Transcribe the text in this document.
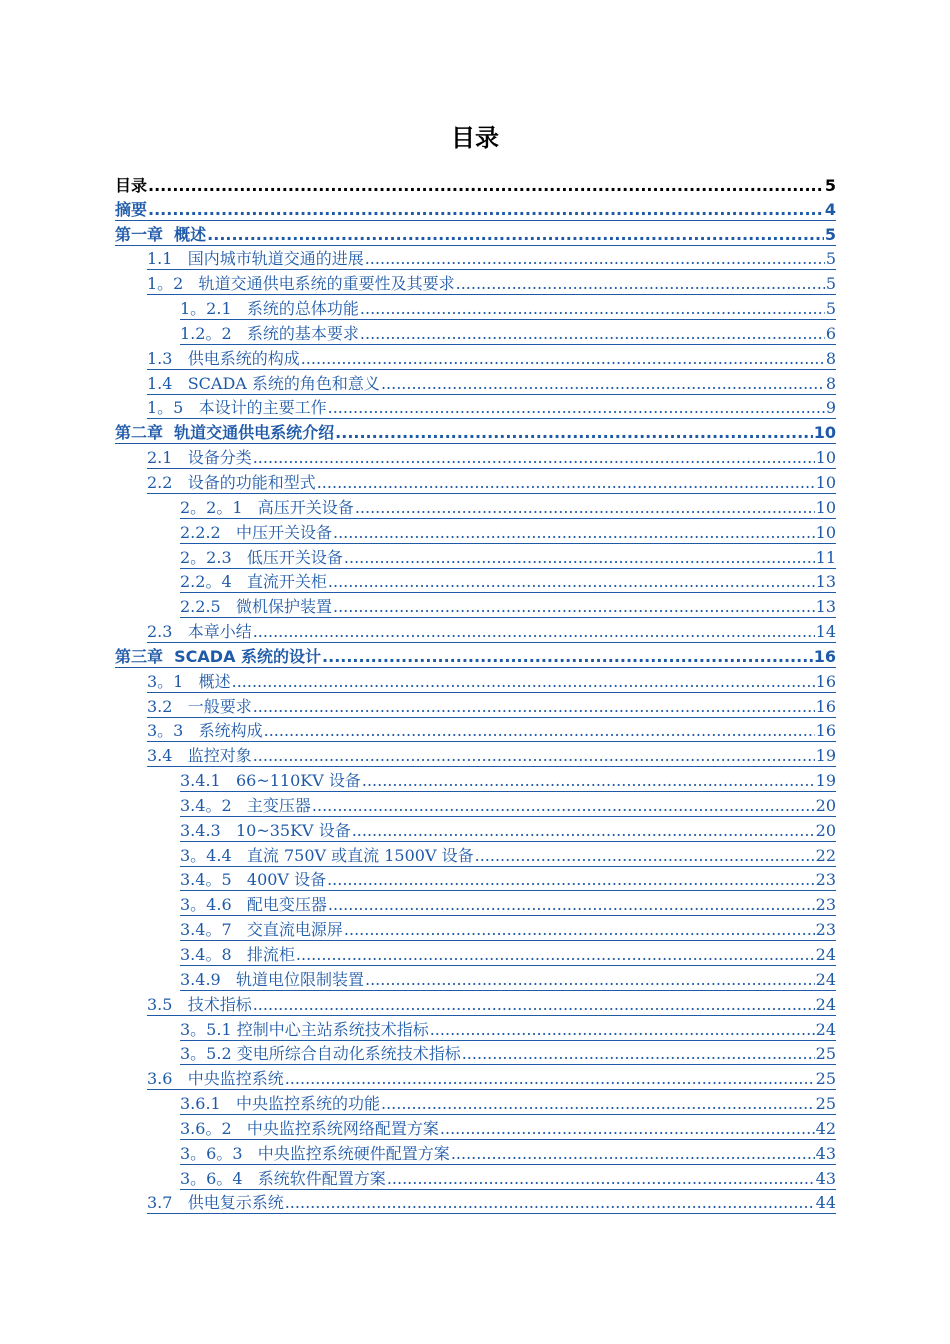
目录
目录 .....	5
摘要 .....	4
第一章  概述 .....	5
1.1   国内城市轨道交通的进展 .....	5
1。2   轨道交通供电系统的重要性及其要求 .....	5
1。2.1   系统的总体功能 .....	5
1.2。2   系统的基本要求 .....	6
1.3   供电系统的构成 .....	8
1.4   SCADA 系统的角色和意义 .....	8
1。5   本设计的主要工作 .....	9
第二章  轨道交通供电系统介绍 .....	10
2.1   设备分类 .....	10
2.2   设备的功能和型式 .....	10
2。2。1   高压开关设备 .....	10
2.2.2   中压开关设备 .....	10
2。2.3   低压开关设备 .....	11
2.2。4   直流开关柜 .....	13
2.2.5   微机保护装置 .....	13
2.3   本章小结 .....	14
第三章  SCADA 系统的设计 .....	16
3。1   概述 .....	16
3.2   一般要求 .....	16
3。3   系统构成 .....	16
3.4   监控对象 .....	19
3.4.1   66~110KV 设备 .....	19
3.4。2   主变压器 .....	20
3.4.3   10~35KV 设备 .....	20
3。4.4   直流 750V 或直流 1500V 设备 .....	22
3.4。5   400V 设备 .....	23
3。4.6   配电变压器 .....	23
3.4。7   交直流电源屏 .....	23
3.4。8   排流柜 .....	24
3.4.9   轨道电位限制装置 .....	24
3.5   技术指标 .....	24
3。5.1 控制中心主站系统技术指标 .....	24
3。5.2 变电所综合自动化系统技术指标 .....	25
3.6   中央监控系统 .....	25
3.6.1   中央监控系统的功能 .....	25
3.6。2   中央监控系统网络配置方案 .....	42
3。6。3   中央监控系统硬件配置方案 .....	43
3。6。4   系统软件配置方案 .....	43
3.7   供电复示系统 .....	44
